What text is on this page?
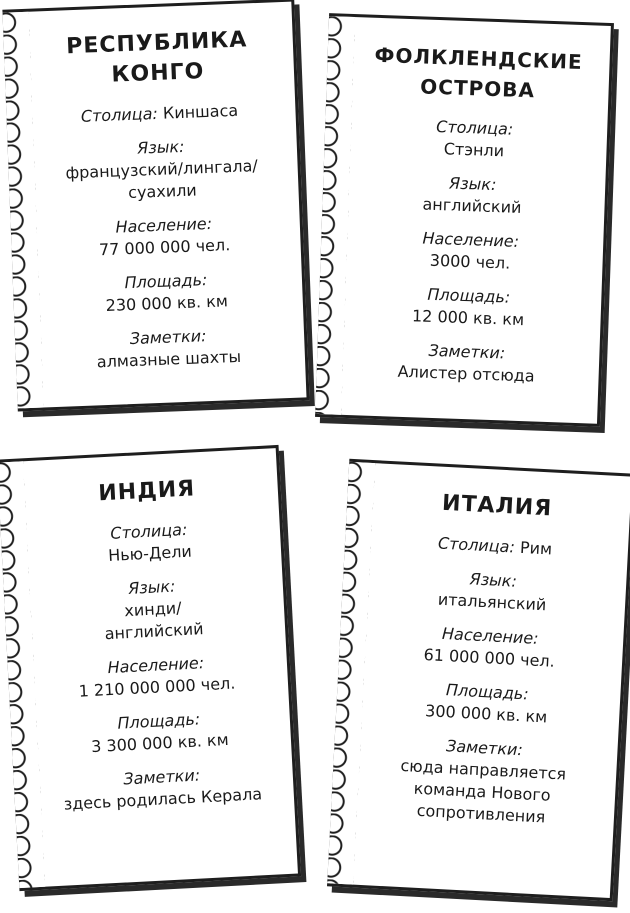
РЕСПУБЛИКА КОНГО
Столица: Киншаса

Язык:

французский/лингала/ суахили

Население:

77 000 000 чел.

Площадь:

230 000 кв. км

Заметки:

алмазные шахты

ФОЛКЛЕНДСКИЕ ОСТРОВА

Столица:

Стэнли

Язык:

английский

Население:

3000 чел.

Площадь:

12 000 кв. км

Заметки:

Алистер отсюда

ИНДИЯ

Столица:

Нью-Дели

Язык:

хинди/ английский

Население:

1 210 000 000 чел.

Площадь:

3 300 000 кв. км

Заметки:

здесь родилась Керала

ИТАЛИЯ
Столица: Рим

Язык:

итальянский

Население:

61 000 000 чел.

Площадь:

300 000 кв. км

Заметки:

сюда направляется команда Нового сопротивления
